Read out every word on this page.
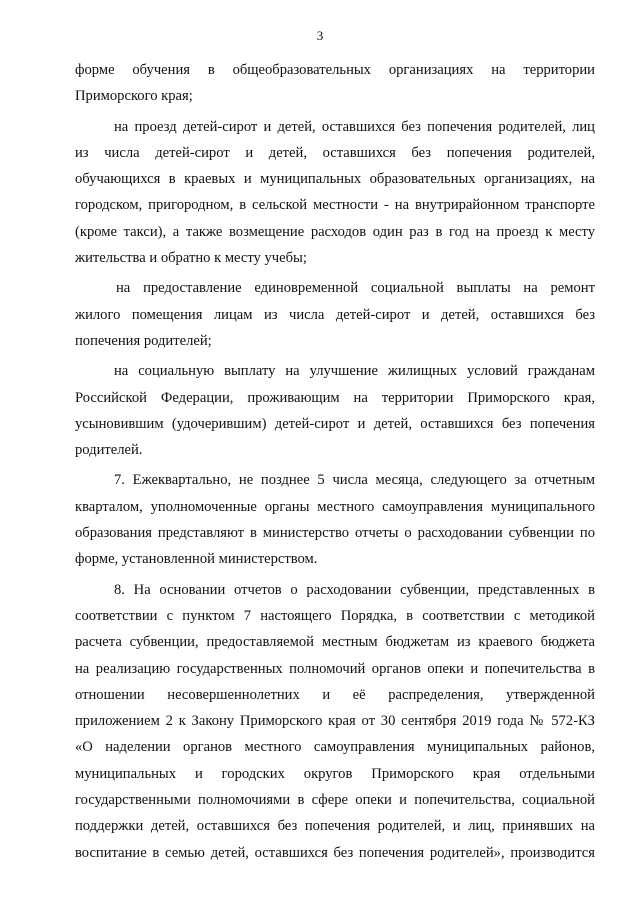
3

форме обучения в общеобразовательных организациях на территории
Приморского края;

на проезд детей-сирот и детей, оставшихся без попечения родителей, лиц
из числа детей-сирот и детей, оставшихся без попечения родителей,
обучающихся в краевых и муниципальных образовательных организациях, на
городском, пригородном, в сельской местности - на внутрирайонном транспорте
(кроме такси), а также возмещение расходов один раз в год на проезд к месту
жительства и обратно к месту учебы;

на предоставление единовременной социальной выплаты на ремонт
жилого помещения лицам из числа детей-сирот и детей, оставшихся без
попечения родителей;

на социальную выплату на улучшение жилищных условий гражданам
Российской Федерации, проживающим на территории Приморского края,
усыновившим (удочерившим) детей-сирот и детей, оставшихся без попечения
родителей.

7. Ежеквартально, не позднее 5 числа месяца, следующего за отчетным
кварталом, уполномоченные органы местного самоуправления муниципального
образования представляют в министерство отчеты о расходовании субвенции по
форме, установленной министерством.

8. На основании отчетов о расходовании субвенции, представленных в
соответствии с пунктом 7 настоящего Порядка, в соответствии с методикой
расчета субвенции, предоставляемой местным бюджетам из краевого бюджета
на реализацию государственных полномочий органов опеки и попечительства в
отношении несовершеннолетних и её распределения, утвержденной
приложением 2 к Закону Приморского края от 30 сентября 2019 года № 572-КЗ
«О наделении органов местного самоуправления муниципальных районов,
муниципальных и городских округов Приморского края отдельными
государственными полномочиями в сфере опеки и попечительства, социальной
поддержки детей, оставшихся без попечения родителей, и лиц, принявших на
воспитание в семью детей, оставшихся без попечения родителей», производится
